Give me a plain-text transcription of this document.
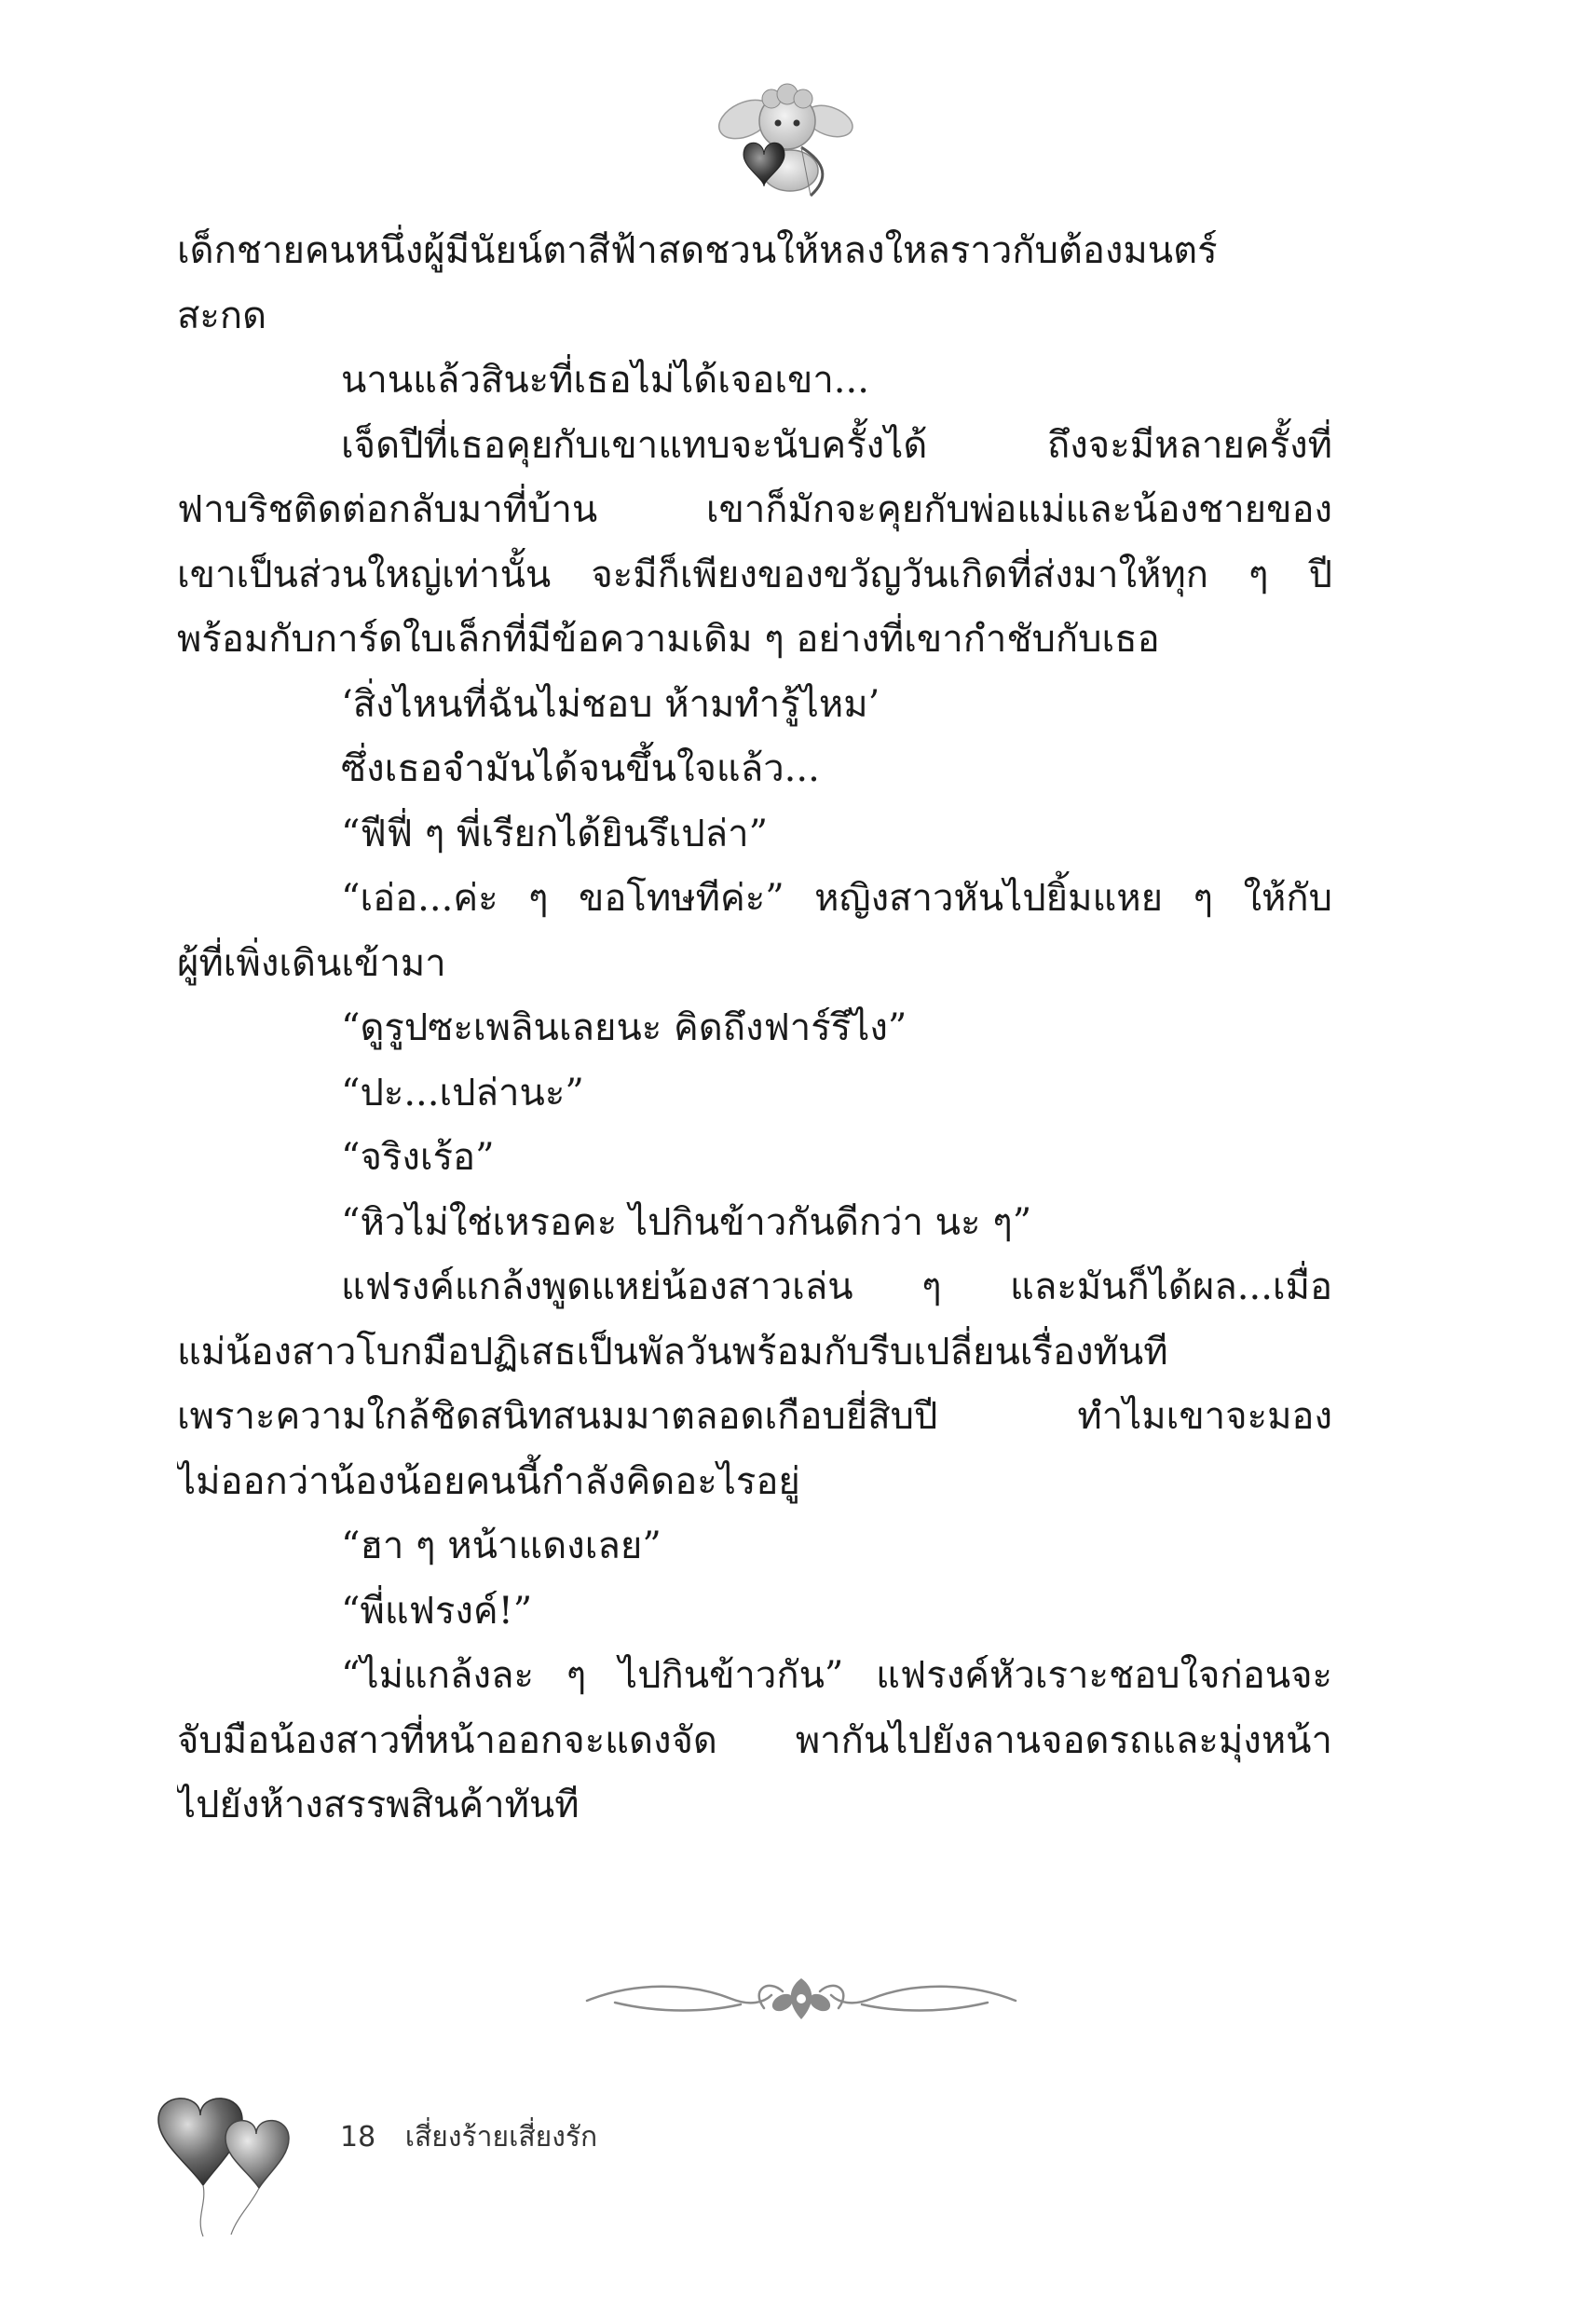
เด็กชายคนหนึ่งผู้มีนัยน์ตาสีฟ้าสดชวนให้หลงใหลราวกับต้องมนตร์
สะกด
นานแล้วสินะที่เธอไม่ได้เจอเขา...
เจ็ดปีที่เธอคุยกับเขาแทบจะนับครั้งได้ ถึงจะมีหลายครั้งที่
ฟาบริชติดต่อกลับมาที่บ้าน เขาก็มักจะคุยกับพ่อแม่และน้องชายของ
เขาเป็นส่วนใหญ่เท่านั้น จะมีก็เพียงของขวัญวันเกิดที่ส่งมาให้ทุก ๆ ปี
พร้อมกับการ์ดใบเล็กที่มีข้อความเดิม ๆ อย่างที่เขากำชับกับเธอ
‘สิ่งไหนที่ฉันไม่ชอบ ห้ามทำรู้ไหม’
ซึ่งเธอจำมันได้จนขึ้นใจแล้ว...
“ฟีฟี่ ๆ พี่เรียกได้ยินรึเปล่า”
“เอ่อ...ค่ะ ๆ ขอโทษทีค่ะ” หญิงสาวหันไปยิ้มแหย ๆ ให้กับ
ผู้ที่เพิ่งเดินเข้ามา
“ดูรูปซะเพลินเลยนะ คิดถึงฟาร์รึไง”
“ปะ...เปล่านะ”
“จริงเร้อ”
“หิวไม่ใช่เหรอคะ ไปกินข้าวกันดีกว่า นะ ๆ”
แฟรงค์แกล้งพูดแหย่น้องสาวเล่น ๆ และมันก็ได้ผล...เมื่อ
แม่น้องสาวโบกมือปฏิเสธเป็นพัลวันพร้อมกับรีบเปลี่ยนเรื่องทันที
เพราะความใกล้ชิดสนิทสนมมาตลอดเกือบยี่สิบปี ทำไมเขาจะมอง
ไม่ออกว่าน้องน้อยคนนี้กำลังคิดอะไรอยู่
“ฮา ๆ หน้าแดงเลย”
“พี่แฟรงค์!”
“ไม่แกล้งละ ๆ ไปกินข้าวกัน” แฟรงค์หัวเราะชอบใจก่อนจะ
จับมือน้องสาวที่หน้าออกจะแดงจัด พากันไปยังลานจอดรถและมุ่งหน้า
ไปยังห้างสรรพสินค้าทันที
18 เสี่ยงร้ายเสี่ยงรัก
